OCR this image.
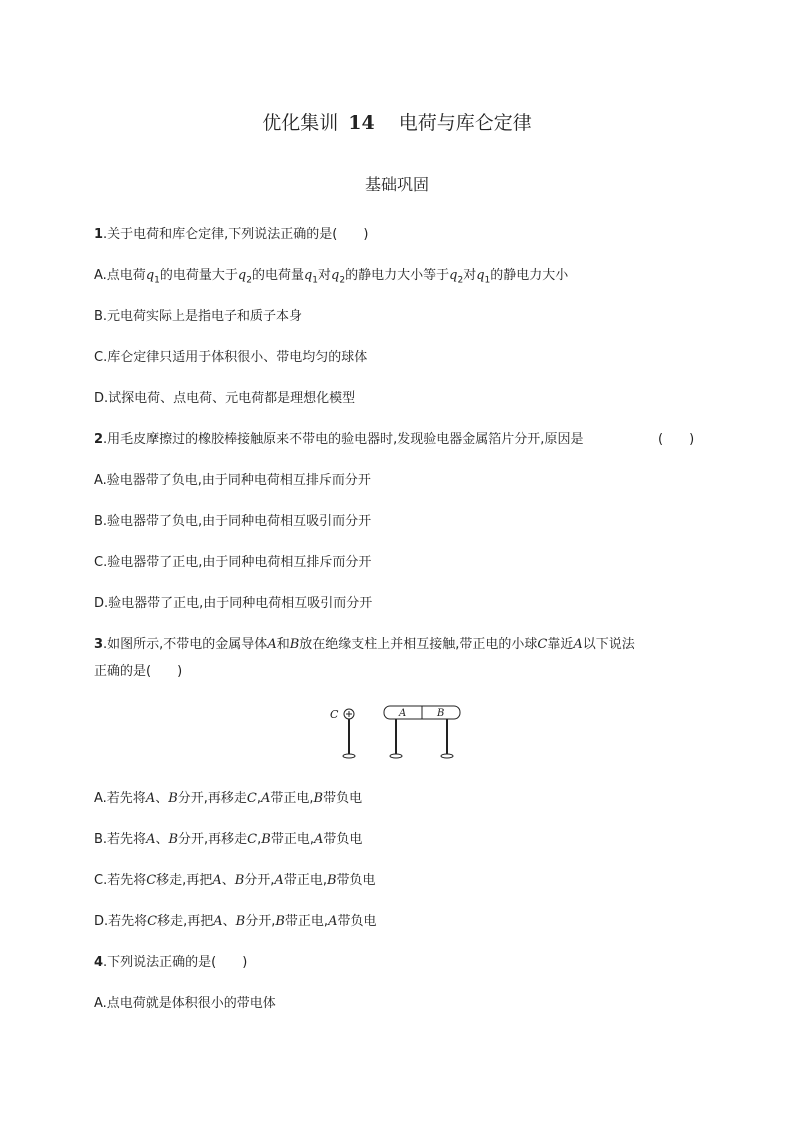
优化集训 14 电荷与库仑定律
基础巩固
1.关于电荷和库仑定律,下列说法正确的是(　　)
A.点电荷$q_1$的电荷量大于$q_2$的电荷量$q_1$对$q_2$的静电力大小等于$q_2$对$q_1$的静电力大小
B.元电荷实际上是指电子和质子本身
C.库仑定律只适用于体积很小、带电均匀的球体
D.试探电荷、点电荷、元电荷都是理想化模型
2.用毛皮摩擦过的橡胶棒接触原来不带电的验电器时,发现验电器金属箔片分开,原因是	(　　)
A.验电器带了负电,由于同种电荷相互排斥而分开
B.验电器带了负电,由于同种电荷相互吸引而分开
C.验电器带了正电,由于同种电荷相互排斥而分开
D.验电器带了正电,由于同种电荷相互吸引而分开
3.如图所示,不带电的金属导体A和B放在绝缘支柱上并相互接触,带正电的小球C靠近A以下说法
正确的是(　　)
C	A	B
A.若先将A、B分开,再移走C,A带正电,B带负电
B.若先将A、B分开,再移走C,B带正电,A带负电
C.若先将C移走,再把A、B分开,A带正电,B带负电
D.若先将C移走,再把A、B分开,B带正电,A带负电
4.下列说法正确的是(　　)
A.点电荷就是体积很小的带电体
